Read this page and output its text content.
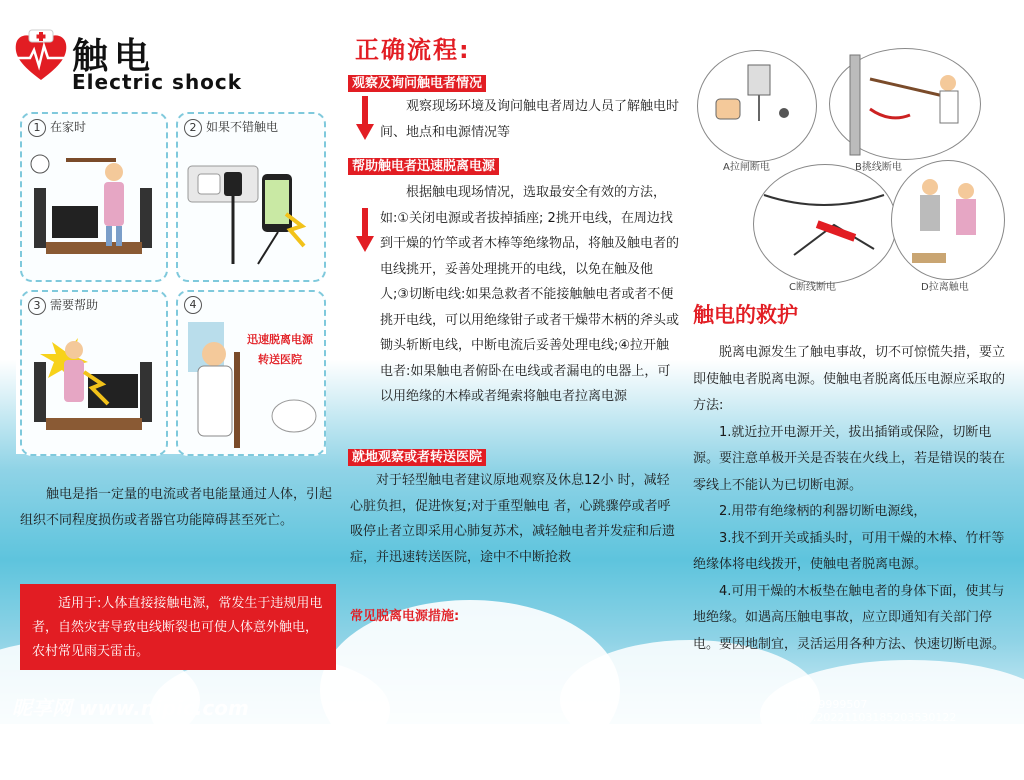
触电
Electric shock
1 在家时	2 如果不错触电
3 需要帮助	4
迅速脱离电源
转送医院

触电是指一定量的电流或者电能量通过人体，引起组织不同程度损伤或者器官功能障碍甚至死亡。

适用于:人体直接接触电源，常发生于违规用电者，自然灾害导致电线断裂也可使人体意外触电，农村常见雨天雷击。
正确流程:
观察及询问触电者情况

观察现场环境及询问触电者周边人员了解触电时间、地点和电源情况等

帮助触电者迅速脱离电源

根据触电现场情况，选取最安全有效的方法，如:①关闭电源或者拔掉插座; 2挑开电线，在周边找到干燥的竹竿或者木棒等绝缘物品，将触及触电者的电线挑开，妥善处理挑开的电线，以免在触及他人;③切断电线:如果急救者不能接触触电者或者不便挑开电线，可以用绝缘钳子或者干燥带木柄的斧头或锄头斩断电线，中断电流后妥善处理电线;④拉开触电者:如果触电者俯卧在电线或者漏电的电器上，可以用绝缘的木棒或者绳索将触电者拉离电源

就地观察或者转送医院

对于轻型触电者建议原地观察及休息12小 时，减轻心脏负担，促进恢复;对于重型触电 者，心跳骤停或者呼吸停止者立即采用心肺复苏术，减轻触电者并发症和后遗症，并迅速转送医院，途中不中断抢救

常见脱离电源措施:
A拉闸断电	B挑线断电
C断线断电	D拉离触电
触电的救护

脱离电源发生了触电事故，切不可惊慌失措，要立即使触电者脱离电源。使触电者脱离低压电源应采取的方法:

1.就近拉开电源开关，拔出插销或保险，切断电源。要注意单极开关是否装在火线上，若是错误的装在零线上不能认为已切断电源。

2.用带有绝缘柄的利器切断电源线，

3.找不到开关或插头时，可用干燥的木棒、竹杆等绝缘体将电线拨开，使触电者脱离电源。

4.可用干燥的木板垫在触电者的身体下面，使其与地绝缘。如遇高压触电事故，应立即通知有关部门停电。要因地制宜，灵活运用各种方法、快速切断电源。

昵享网 www.nipic.com	ID:29999507 NO:20221103185203530122
